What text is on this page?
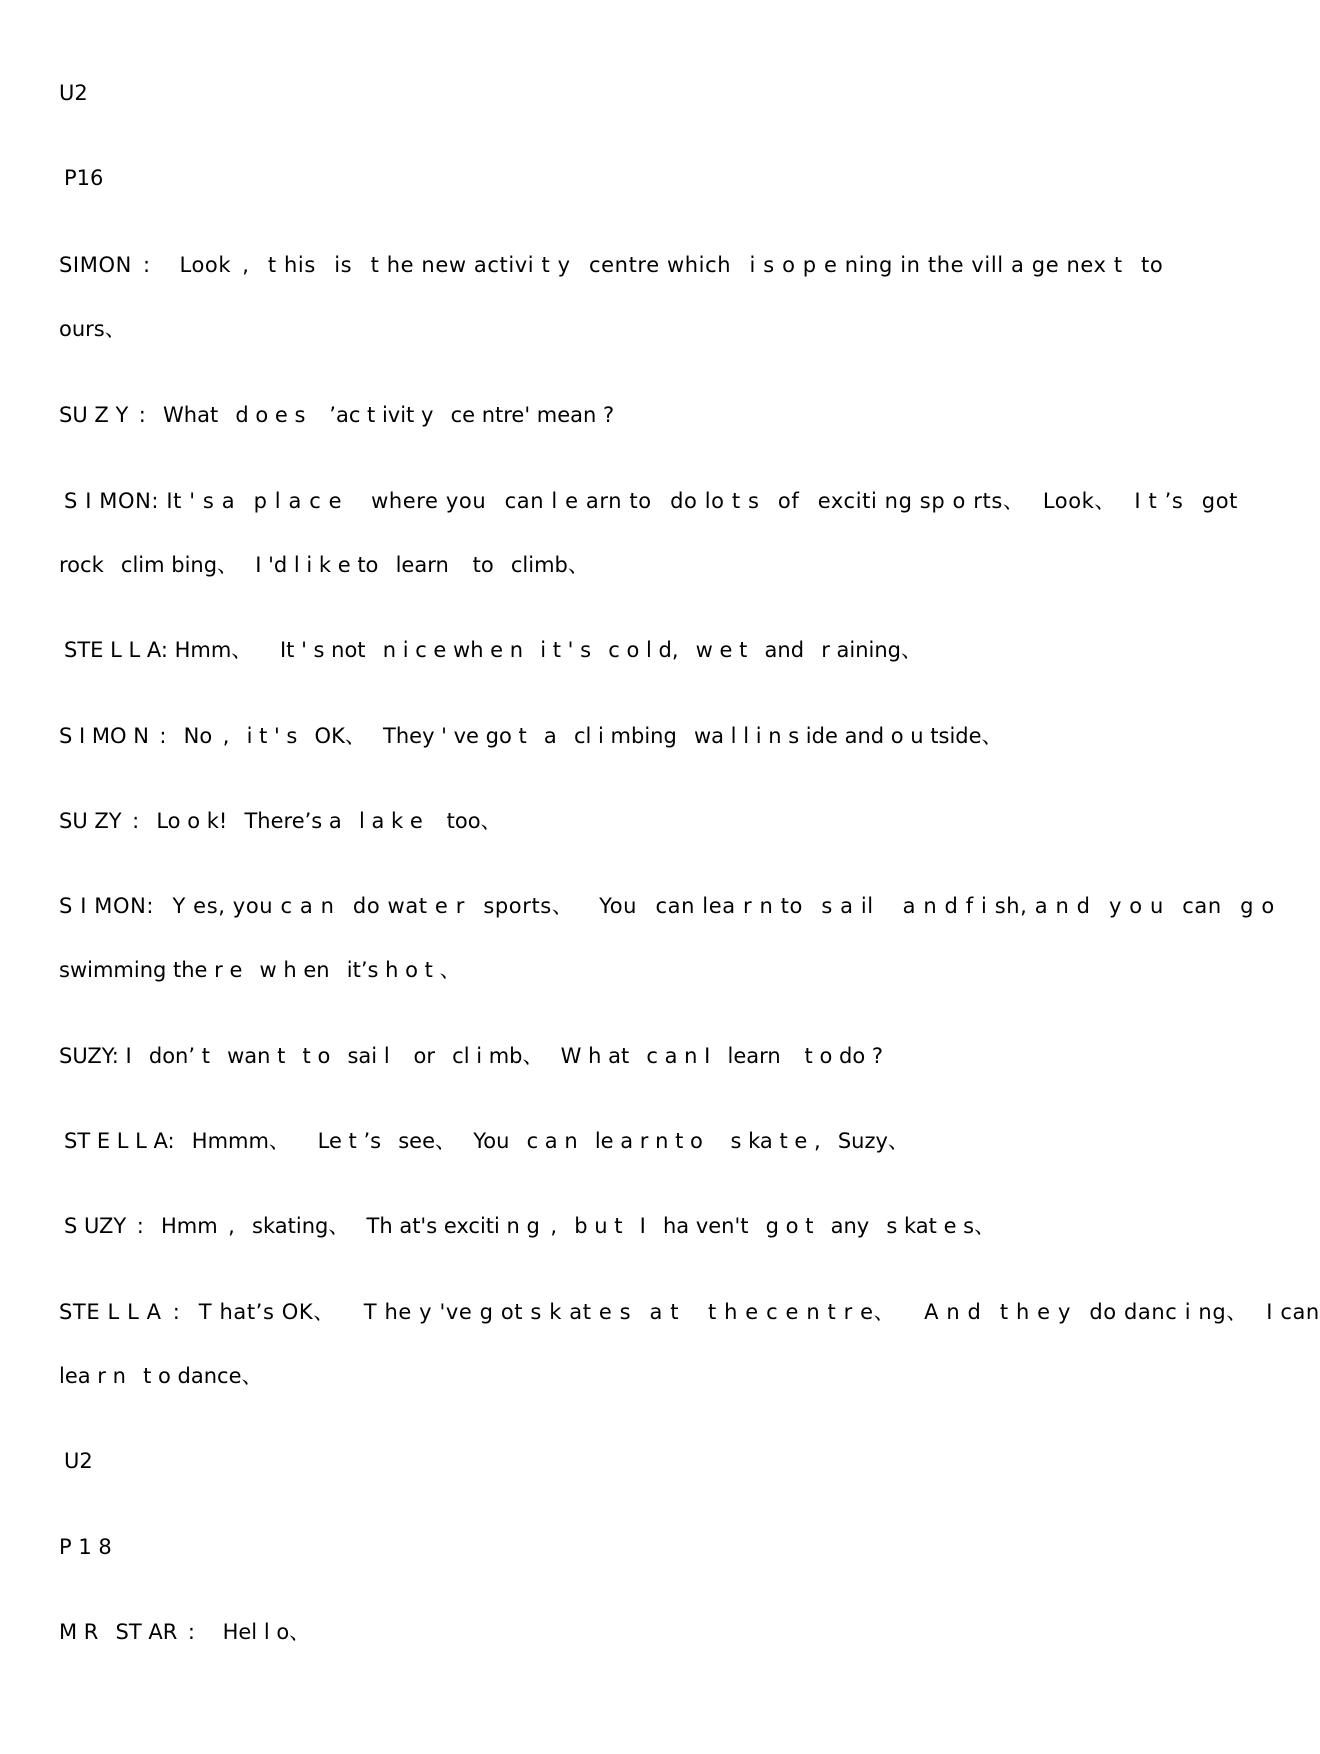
U2
P16
SIMON :  Look ,  t his  is  t he new activi t y  centre which  i s o p e ning in the vill a ge nex t  to
ours、
SU Z Y :  What  d o e s   ’ac t ivit y  ce ntre' mean ?
S I MON: It ' s a  p l a c e  where you  can l e arn to  do lo t s  of  exciti ng sp o rts、  Look、  I t ’s  got
rock  clim bing、  I 'd l i k e to  learn   to  climb、
STE L L A: Hmm、  It ' s not  n i c e wh e n  i t ' s  c o l d,  w e t  and  r aining、
S I MO N :  No ,  i t ' s  OK、  They ' ve go t  a  cl i mbing  wa l l i n s ide and o u tside、
SU ZY :  Lo o k!  There’s a  l a k e   too、
S I MON:  Y es, you c a n  do wat e r  sports、   You  can lea r n to  s a il  a n d f i sh, a n d  y o u  can  g o
swimming the r e  w h en  it’s h o t 、
SUZY: I  don’ t  wan t  t o  sai l   or  cl i mb、  W h at  c a n I  learn   t o do ?
ST E L L A:  Hmmm、  Le t ’s  see、  You  c a n  le a r n t o  s ka t e ,  Suzy、
S UZY :  Hmm ,  skating、  Th at's exciti n g ,  b u t  I  ha ven't  g o t  any  s kat e s、
STE L L A :  T hat’s OK、  T he y 've g ot s k at e s  a t  t h e c e n t r e、  A n d  t h e y  do danc i ng、  I can
lea r n  t o dance、
U2
P 1 8
M R  ST AR :  Hel l o、
